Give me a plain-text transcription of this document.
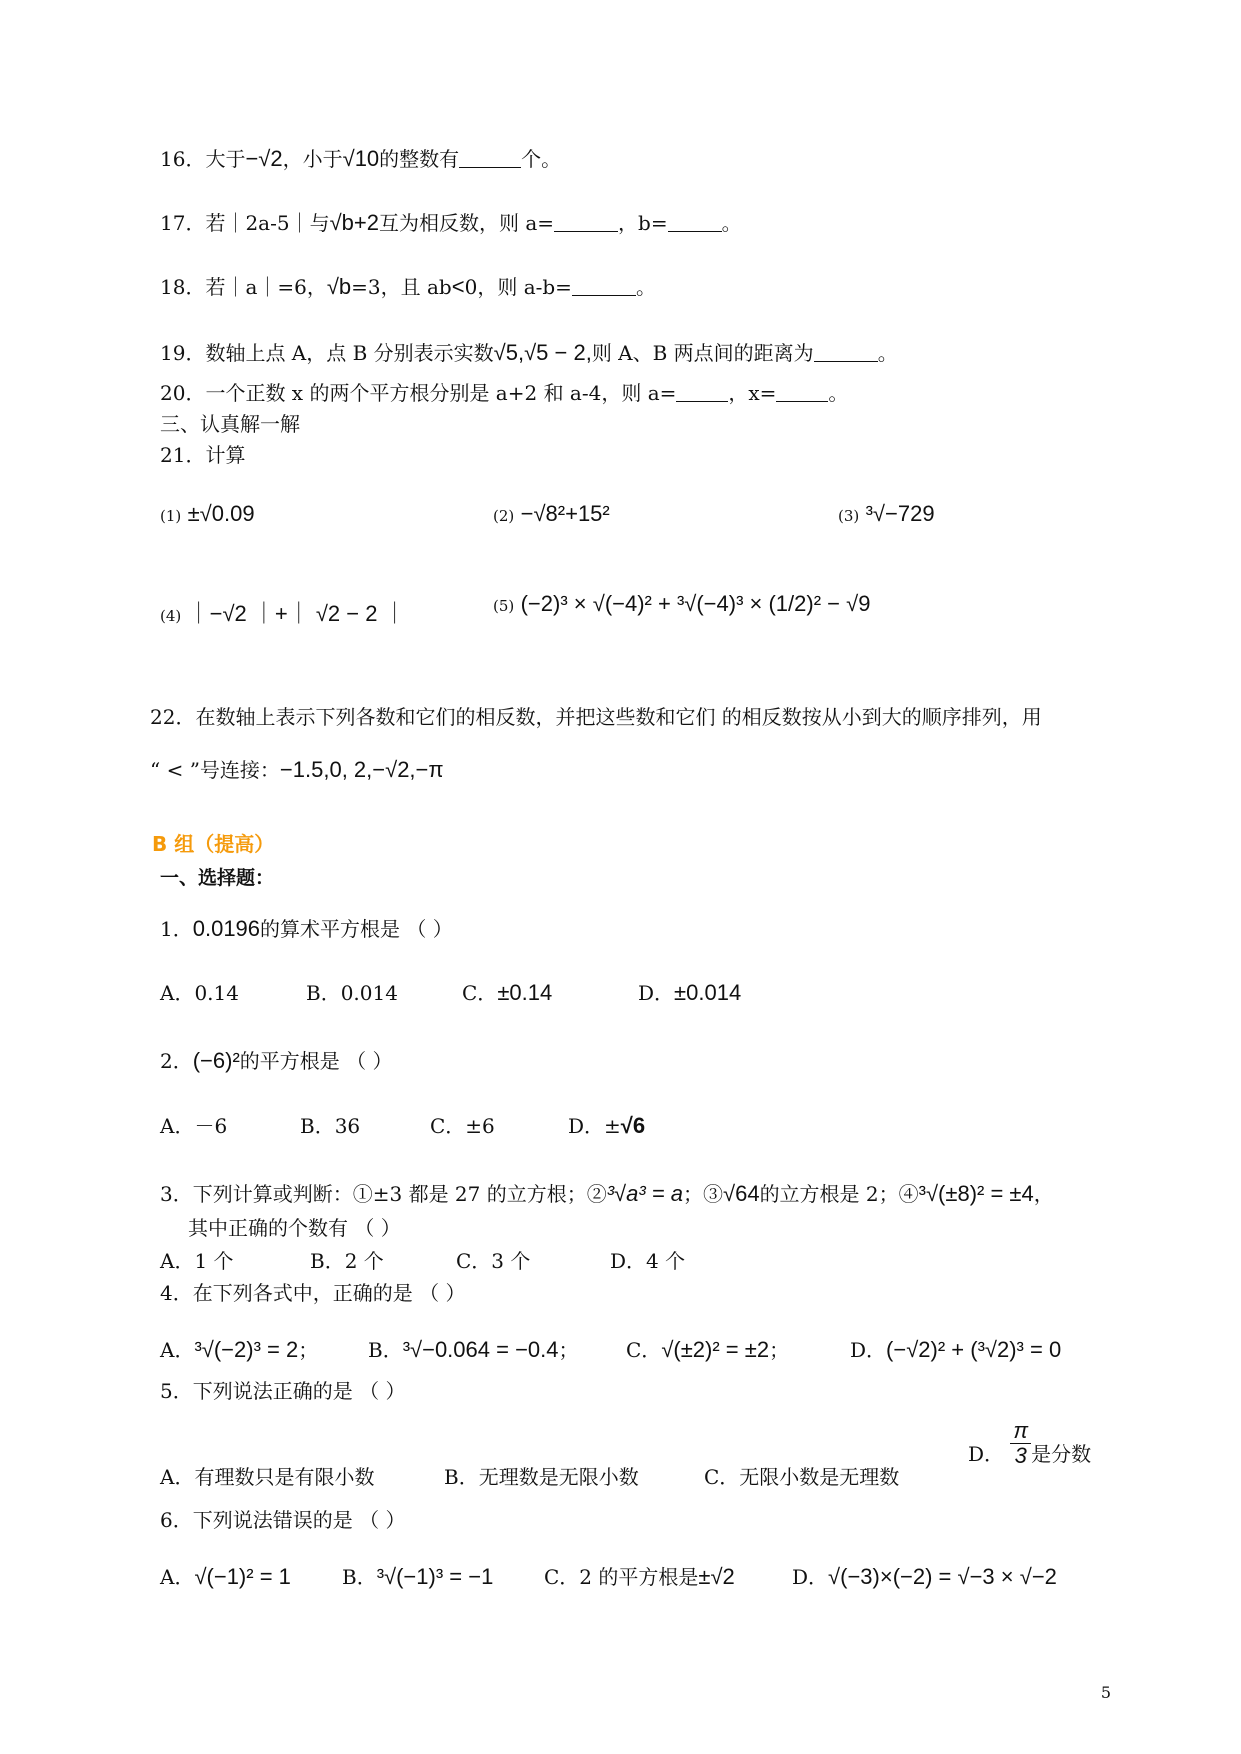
16．大于−√2，小于√10的整数有	个。
17．若｜2a-5｜与√b+2互为相反数，则 a=	，b=	。
18．若｜a｜=6，√b=3，且 ab<0，则 a-b=	。
19．数轴上点 A，点 B 分别表示实数√5,√5 − 2,则 A、B 两点间的距离为	。
20．一个正数 x 的两个平方根分别是 a+2 和 a-4，则 a=	，x=	。
三、认真解一解
21．计算
(1) ±√0.09	(2) −√8²+15²	(3) ³√−729
(4) ｜−√2 ｜+｜ √2 − 2 ｜	(5) (−2)³ × √(−4)² + ³√(−4)³ × (1/2)² − √9
22．在数轴上表示下列各数和它们的相反数，并把这些数和它们 的相反数按从小到大的顺序排列，用
“ < ”号连接：−1.5,0, 2,−√2,−π
B 组（提高）
一、选择题：
1．0.0196的算术平方根是 （ ）
A．0.14	B．0.014	C．±0.14	D．±0.014
2．(−6)²的平方根是 （ ）
A．－6	B．36	C．±6	D．±√6
3．下列计算或判断：①±3 都是 27 的立方根；②³√a³ = a；③√64的立方根是 2；④³√(±8)² = ±4，
其中正确的个数有 （ ）
A．1 个	B．2 个	C．3 个	D．4 个
4．在下列各式中，正确的是 （ ）
A．³√(−2)³ = 2； B．³√−0.064 = −0.4； C．√(±2)² = ±2；	D．(−√2)² + (³√2)³ = 0
5．下列说法正确的是 （ ）
A．有理数只是有限小数	B．无理数是无限小数	C．无限小数是无理数
D． $\frac{\pi}{3}$ 是分数
6．下列说法错误的是 （ ）
A．√(−1)² = 1	B．³√(−1)³ = −1	C．2 的平方根是±√2	D．√(−3)×(−2) = √−3 × √−2
5
